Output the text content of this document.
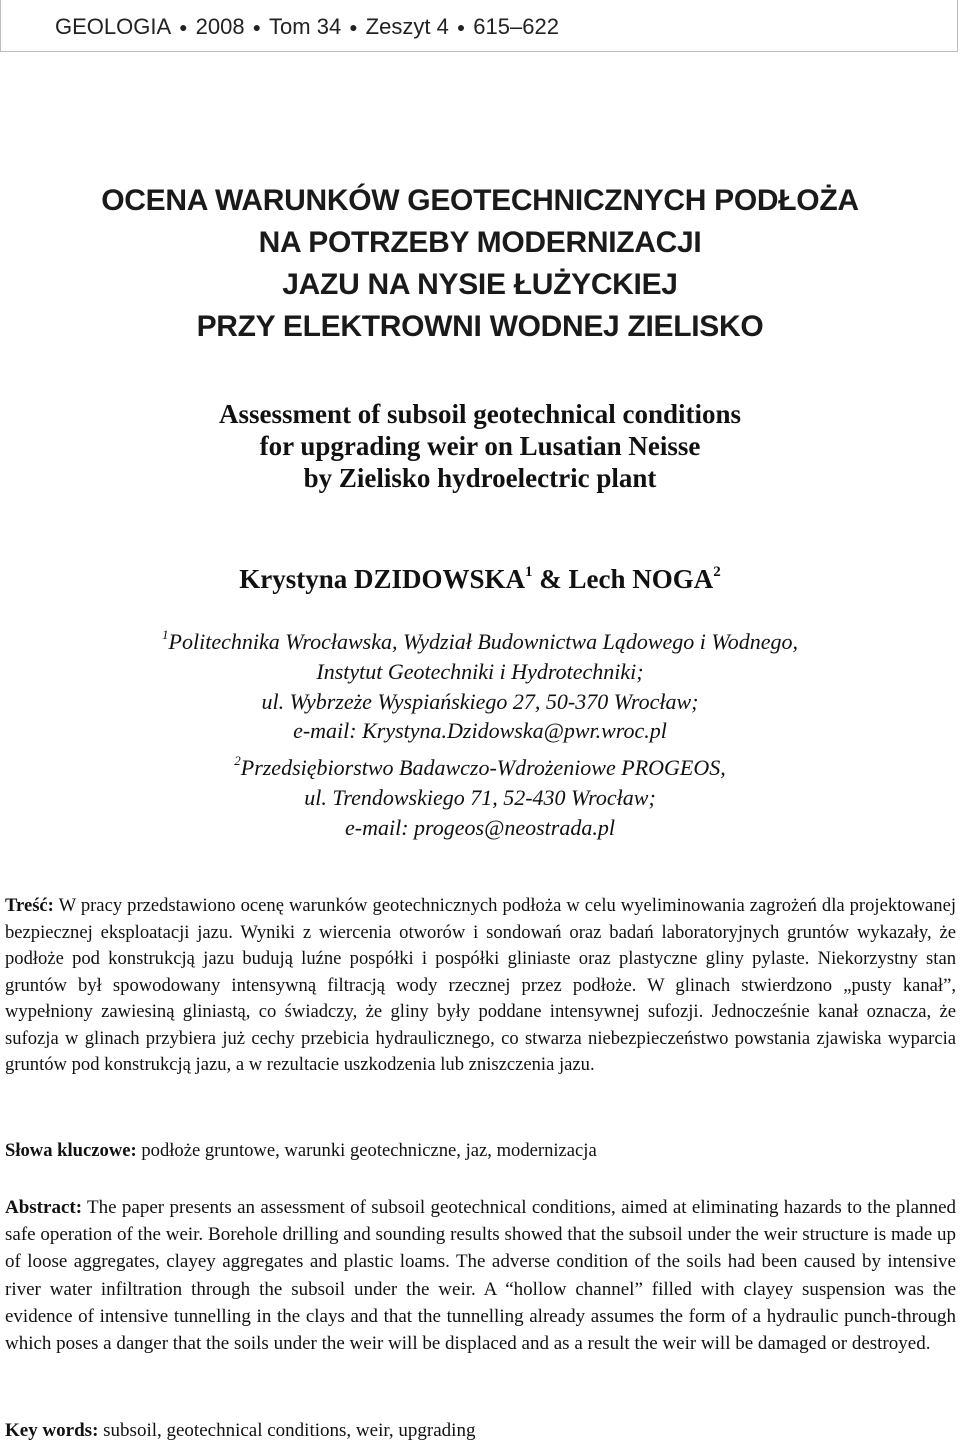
GEOLOGIA ● 2008 ● Tom 34 ● Zeszyt 4 ● 615–622
OCENA WARUNKÓW GEOTECHNICZNYCH PODŁOŻA
NA POTRZEBY MODERNIZACJI
JAZU NA NYSIE ŁUŻYCKIEJ
PRZY ELEKTROWNI WODNEJ ZIELISKO
Assessment of subsoil geotechnical conditions
for upgrading weir on Lusatian Neisse
by Zielisko hydroelectric plant
Krystyna DZIDOWSKA$^1$ & Lech NOGA$^2$
$^1$Politechnika Wrocławska, Wydział Budownictwa Lądowego i Wodnego,
Instytut Geotechniki i Hydrotechniki;
ul. Wybrzeże Wyspiańskiego 27, 50-370 Wrocław;
e-mail: Krystyna.Dzidowska@pwr.wroc.pl
$^2$Przedsiębiorstwo Badawczo-Wdrożeniowe PROGEOS,
ul. Trendowskiego 71, 52-430 Wrocław;
e-mail: progeos@neostrada.pl
Treść: W pracy przedstawiono ocenę warunków geotechnicznych podłoża w celu wyeliminowania zagrożeń dla projektowanej bezpiecznej eksploatacji jazu. Wyniki z wiercenia otworów i sondowań oraz badań laboratoryjnych gruntów wykazały, że podłoże pod konstrukcją jazu budują luźne pospółki i pospółki gliniaste oraz plastyczne gliny pylaste. Niekorzystny stan gruntów był spowodowany intensywną filtracją wody rzecznej przez podłoże. W glinach stwierdzono „pusty kanał”, wypełniony zawiesiną gliniastą, co świadczy, że gliny były poddane intensywnej sufozji. Jednocześnie kanał oznacza, że sufozja w glinach przybiera już cechy przebicia hydraulicznego, co stwarza niebezpieczeństwo powstania zjawiska wyparcia gruntów pod konstrukcją jazu, a w rezultacie uszkodzenia lub zniszczenia jazu.
Słowa kluczowe: podłoże gruntowe, warunki geotechniczne, jaz, modernizacja
Abstract: The paper presents an assessment of subsoil geotechnical conditions, aimed at eliminating hazards to the planned safe operation of the weir. Borehole drilling and sounding results showed that the subsoil under the weir structure is made up of loose aggregates, clayey aggregates and plastic loams. The adverse condition of the soils had been caused by intensive river water infiltration through the subsoil under the weir. A “hollow channel” filled with clayey suspension was the evidence of intensive tunnelling in the clays and that the tunnelling already assumes the form of a hydraulic punch-through which poses a danger that the soils under the weir will be displaced and as a result the weir will be damaged or destroyed.
Key words: subsoil, geotechnical conditions, weir, upgrading
